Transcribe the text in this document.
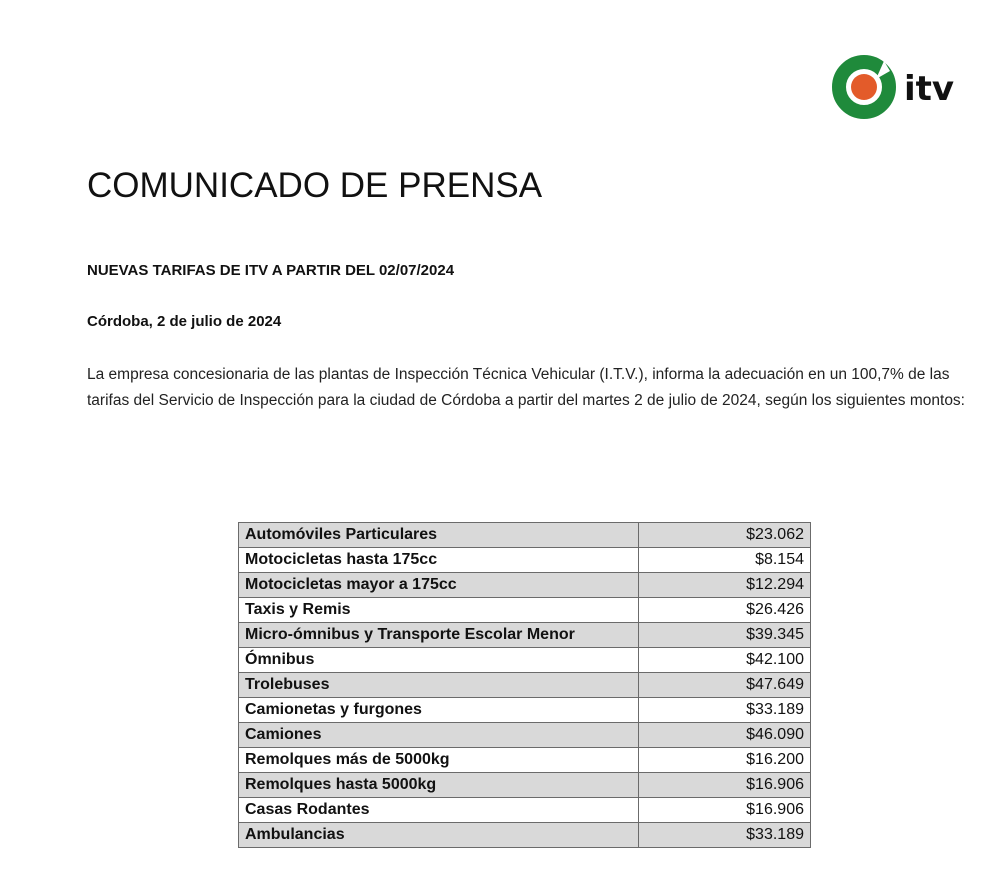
itv
COMUNICADO DE PRENSA

NUEVAS TARIFAS DE ITV A PARTIR DEL 02/07/2024

Córdoba, 2 de julio de 2024

La empresa concesionaria de las plantas de Inspección Técnica Vehicular (I.T.V.), informa la adecuación en un 100,7% de las tarifas del Servicio de Inspección para la ciudad de Córdoba a partir del martes 2 de julio de 2024, según los siguientes montos:

Automóviles Particulares	$23.062
Motocicletas hasta 175cc	$8.154
Motocicletas mayor a 175cc	$12.294
Taxis y Remis	$26.426
Micro-ómnibus y Transporte Escolar Menor	$39.345
Ómnibus	$42.100
Trolebuses	$47.649
Camionetas y furgones	$33.189
Camiones	$46.090
Remolques más de 5000kg	$16.200
Remolques hasta 5000kg	$16.906
Casas Rodantes	$16.906
Ambulancias	$33.189
